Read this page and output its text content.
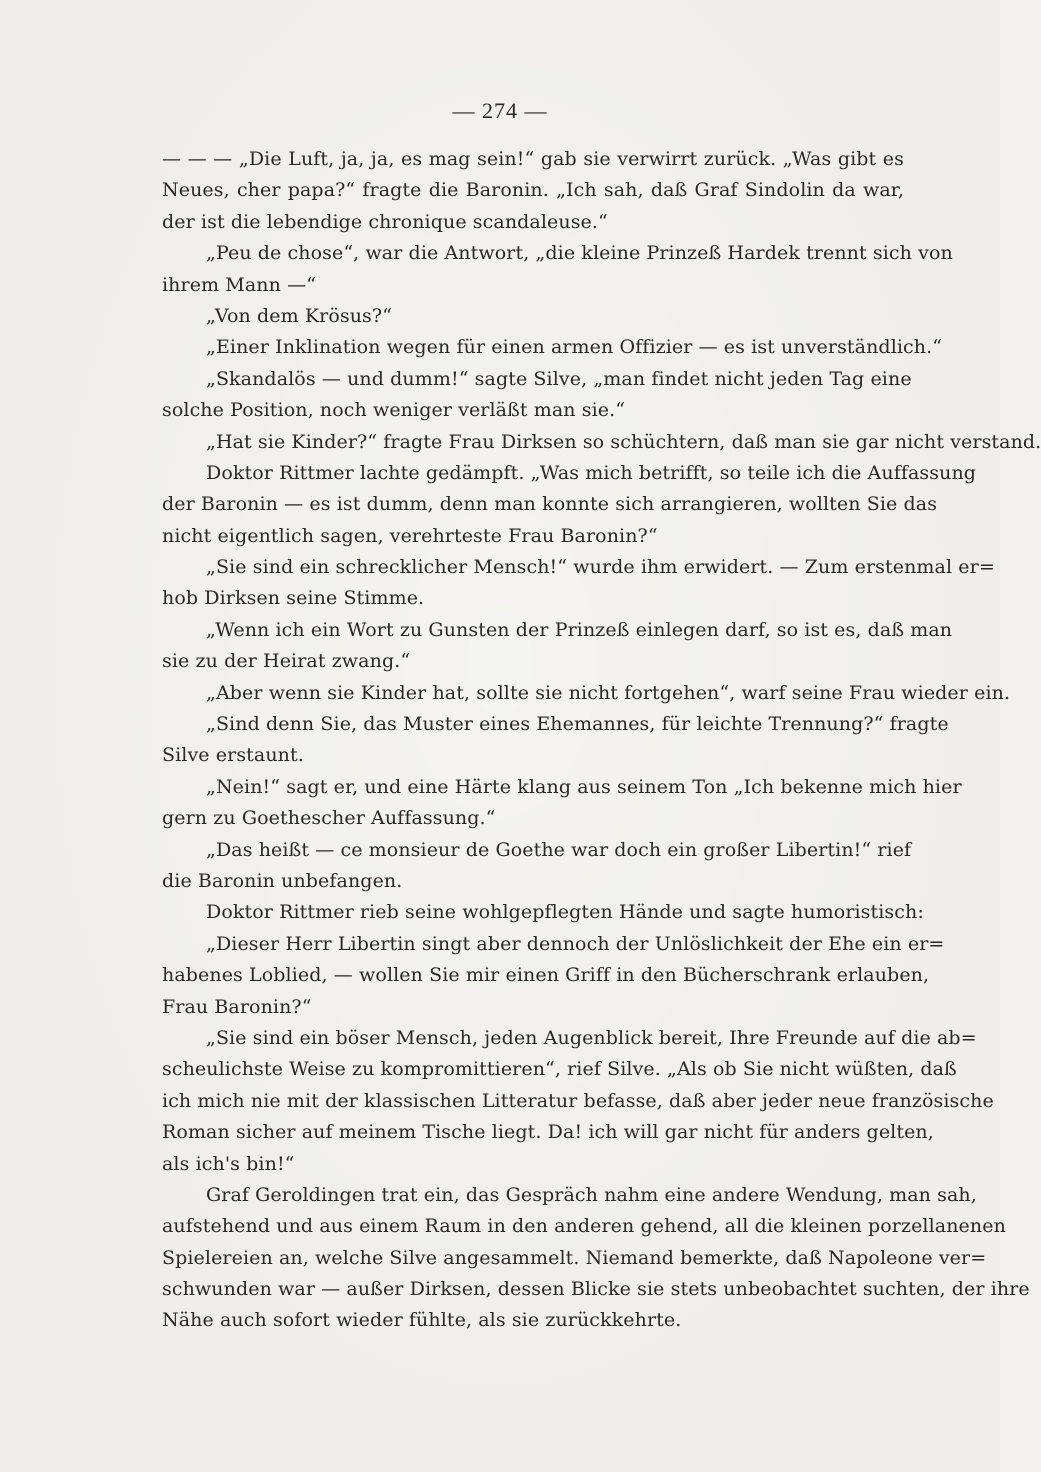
— 274 —
— — — „Die Luft, ja, ja, es mag sein!“ gab sie verwirrt zurück. „Was gibt es
Neues, cher papa?“ fragte die Baronin. „Ich sah, daß Graf Sindolin da war,
der ist die lebendige chronique scandaleuse.“
„Peu de chose“, war die Antwort, „die kleine Prinzeß Hardek trennt sich von
ihrem Mann —“
„Von dem Krösus?“
„Einer Inklination wegen für einen armen Offizier — es ist unverständlich.“
„Skandalös — und dumm!“ sagte Silve, „man findet nicht jeden Tag eine
solche Position, noch weniger verläßt man sie.“
„Hat sie Kinder?“ fragte Frau Dirksen so schüchtern, daß man sie gar nicht verstand.
Doktor Rittmer lachte gedämpft. „Was mich betrifft, so teile ich die Auffassung
der Baronin — es ist dumm, denn man konnte sich arrangieren, wollten Sie das
nicht eigentlich sagen, verehrteste Frau Baronin?“
„Sie sind ein schrecklicher Mensch!“ wurde ihm erwidert. — Zum erstenmal er=
hob Dirksen seine Stimme.
„Wenn ich ein Wort zu Gunsten der Prinzeß einlegen darf, so ist es, daß man
sie zu der Heirat zwang.“
„Aber wenn sie Kinder hat, sollte sie nicht fortgehen“, warf seine Frau wieder ein.
„Sind denn Sie, das Muster eines Ehemannes, für leichte Trennung?“ fragte
Silve erstaunt.
„Nein!“ sagt er, und eine Härte klang aus seinem Ton „Ich bekenne mich hier
gern zu Goethescher Auffassung.“
„Das heißt — ce monsieur de Goethe war doch ein großer Libertin!“ rief
die Baronin unbefangen.
Doktor Rittmer rieb seine wohlgepflegten Hände und sagte humoristisch:
„Dieser Herr Libertin singt aber dennoch der Unlöslichkeit der Ehe ein er=
habenes Loblied, — wollen Sie mir einen Griff in den Bücherschrank erlauben,
Frau Baronin?“
„Sie sind ein böser Mensch, jeden Augenblick bereit, Ihre Freunde auf die ab=
scheulichste Weise zu kompromittieren“, rief Silve. „Als ob Sie nicht wüßten, daß
ich mich nie mit der klassischen Litteratur befasse, daß aber jeder neue französische
Roman sicher auf meinem Tische liegt. Da! ich will gar nicht für anders gelten,
als ich's bin!“
Graf Geroldingen trat ein, das Gespräch nahm eine andere Wendung, man sah,
aufstehend und aus einem Raum in den anderen gehend, all die kleinen porzellanenen
Spielereien an, welche Silve angesammelt. Niemand bemerkte, daß Napoleone ver=
schwunden war — außer Dirksen, dessen Blicke sie stets unbeobachtet suchten, der ihre
Nähe auch sofort wieder fühlte, als sie zurückkehrte.
